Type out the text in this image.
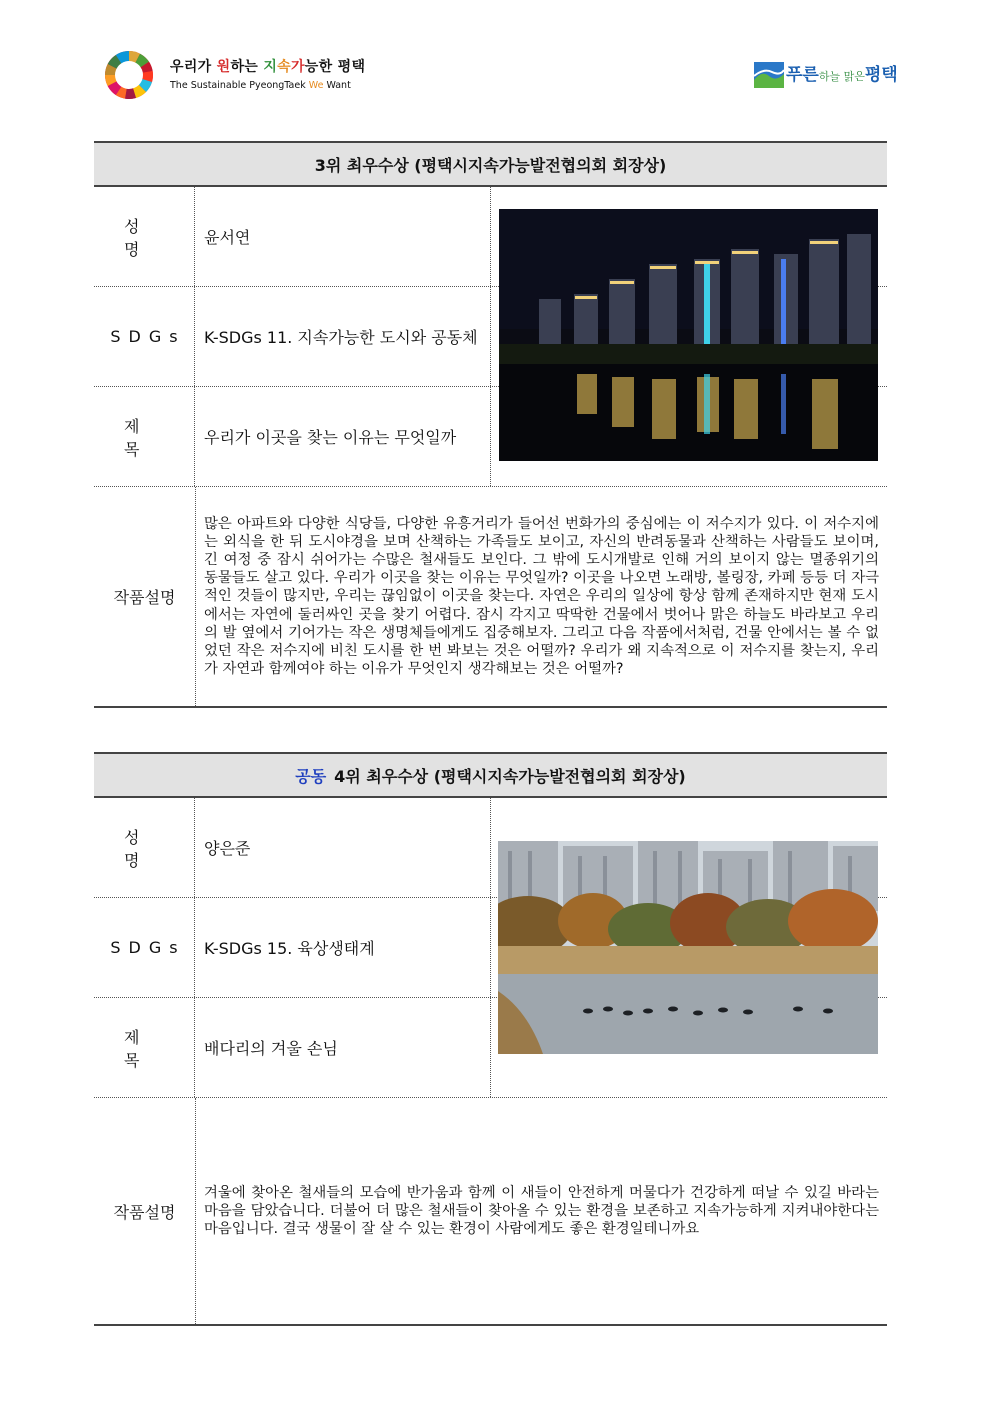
우리가 원하는 지속가능한 평택
The Sustainable PyeongTaek We Want
푸른하늘 맑은평택
3위 최우수상 (평택시지속가능발전협의회 회장상)
성명
윤서연
SDGs	K-SDGs 11. 지속가능한 도시와 공동체
제목
우리가 이곳을 찾는 이유는 무엇일까
작품설명
많은 아파트와 다양한 식당들, 다양한 유흥거리가 들어선 번화가의 중심에는 이 저수지가 있다. 이 저수지에는 외식을 한 뒤 도시야경을 보며 산책하는 가족들도 보이고, 자신의 반려동물과 산책하는 사람들도 보이며, 긴 여정 중 잠시 쉬어가는 수많은 철새들도 보인다. 그 밖에 도시개발로 인해 거의 보이지 않는 멸종위기의 동물들도 살고 있다. 우리가 이곳을 찾는 이유는 무엇일까? 이곳을 나오면 노래방, 볼링장, 카페 등등 더 자극적인 것들이 많지만, 우리는 끊임없이 이곳을 찾는다. 자연은 우리의 일상에 항상 함께 존재하지만 현재 도시에서는 자연에 둘러싸인 곳을 찾기 어렵다. 잠시 각지고 딱딱한 건물에서 벗어나 맑은 하늘도 바라보고 우리의 발 옆에서 기어가는 작은 생명체들에게도 집중해보자. 그리고 다음 작품에서처럼, 건물 안에서는 볼 수 없었던 작은 저수지에 비친 도시를 한 번 봐보는 것은 어떨까? 우리가 왜 지속적으로 이 저수지를 찾는지, 우리가 자연과 함께여야 하는 이유가 무엇인지 생각해보는 것은 어떨까?
공동 4위 최우수상 (평택시지속가능발전협의회 회장상)
성명
양은준
SDGs	K-SDGs 15. 육상생태계
제목
배다리의 겨울 손님
작품설명
겨울에 찾아온 철새들의 모습에 반가움과 함께 이 새들이 안전하게 머물다가 건강하게 떠날 수 있길 바라는 마음을 담았습니다. 더불어 더 많은 철새들이 찾아올 수 있는 환경을 보존하고 지속가능하게 지켜내야한다는 마음입니다. 결국 생물이 잘 살 수 있는 환경이 사람에게도 좋은 환경일테니까요
